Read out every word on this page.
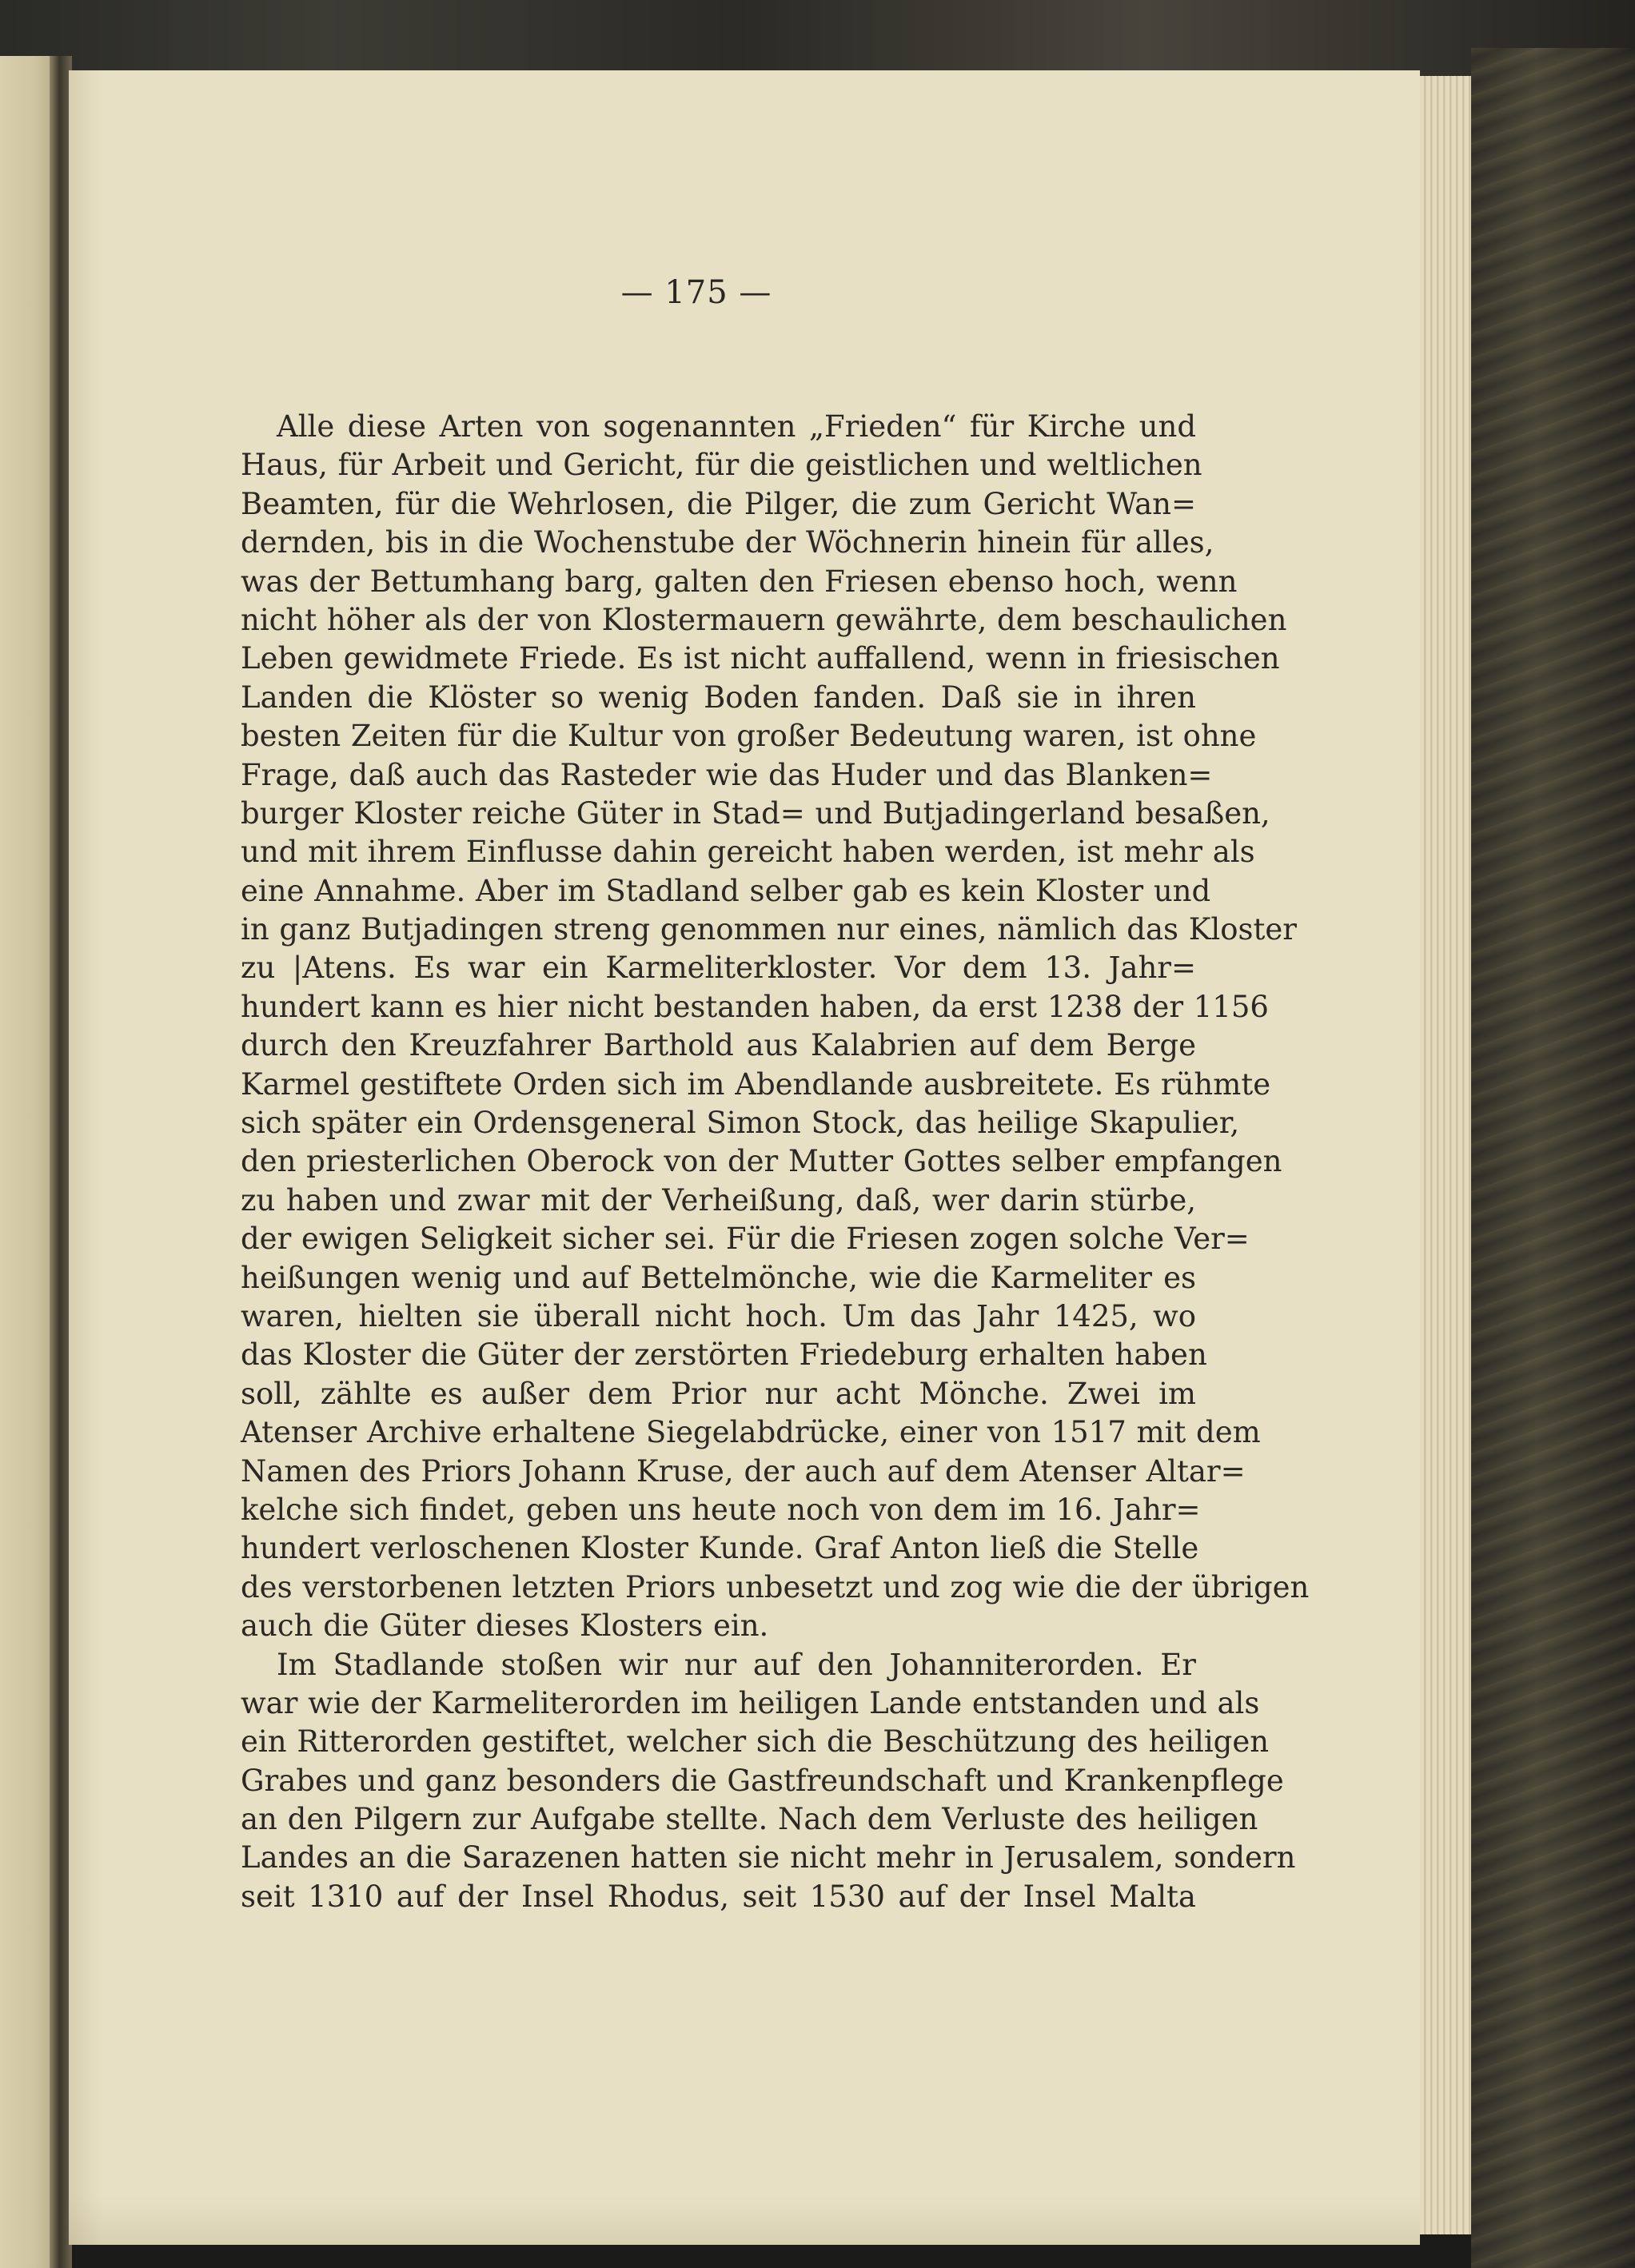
— 175 —
Alle diese Arten von sogenannten „Frieden“ für Kirche und
Haus, für Arbeit und Gericht, für die geistlichen und weltlichen
Beamten, für die Wehrlosen, die Pilger, die zum Gericht Wan=
dernden, bis in die Wochenstube der Wöchnerin hinein für alles,
was der Bettumhang barg, galten den Friesen ebenso hoch, wenn
nicht höher als der von Klostermauern gewährte, dem beschaulichen
Leben gewidmete Friede. Es ist nicht auffallend, wenn in friesischen
Landen die Klöster so wenig Boden fanden. Daß sie in ihren
besten Zeiten für die Kultur von großer Bedeutung waren, ist ohne
Frage, daß auch das Rasteder wie das Huder und das Blanken=
burger Kloster reiche Güter in Stad= und Butjadingerland besaßen,
und mit ihrem Einflusse dahin gereicht haben werden, ist mehr als
eine Annahme. Aber im Stadland selber gab es kein Kloster und
in ganz Butjadingen streng genommen nur eines, nämlich das Kloster
zu |Atens. Es war ein Karmeliterkloster. Vor dem 13. Jahr=
hundert kann es hier nicht bestanden haben, da erst 1238 der 1156
durch den Kreuzfahrer Barthold aus Kalabrien auf dem Berge
Karmel gestiftete Orden sich im Abendlande ausbreitete. Es rühmte
sich später ein Ordensgeneral Simon Stock, das heilige Skapulier,
den priesterlichen Oberock von der Mutter Gottes selber empfangen
zu haben und zwar mit der Verheißung, daß, wer darin stürbe,
der ewigen Seligkeit sicher sei. Für die Friesen zogen solche Ver=
heißungen wenig und auf Bettelmönche, wie die Karmeliter es
waren, hielten sie überall nicht hoch. Um das Jahr 1425, wo
das Kloster die Güter der zerstörten Friedeburg erhalten haben
soll, zählte es außer dem Prior nur acht Mönche. Zwei im
Atenser Archive erhaltene Siegelabdrücke, einer von 1517 mit dem
Namen des Priors Johann Kruse, der auch auf dem Atenser Altar=
kelche sich findet, geben uns heute noch von dem im 16. Jahr=
hundert verloschenen Kloster Kunde. Graf Anton ließ die Stelle
des verstorbenen letzten Priors unbesetzt und zog wie die der übrigen
auch die Güter dieses Klosters ein.
Im Stadlande stoßen wir nur auf den Johanniterorden. Er
war wie der Karmeliterorden im heiligen Lande entstanden und als
ein Ritterorden gestiftet, welcher sich die Beschützung des heiligen
Grabes und ganz besonders die Gastfreundschaft und Krankenpflege
an den Pilgern zur Aufgabe stellte. Nach dem Verluste des heiligen
Landes an die Sarazenen hatten sie nicht mehr in Jerusalem, sondern
seit 1310 auf der Insel Rhodus, seit 1530 auf der Insel Malta
